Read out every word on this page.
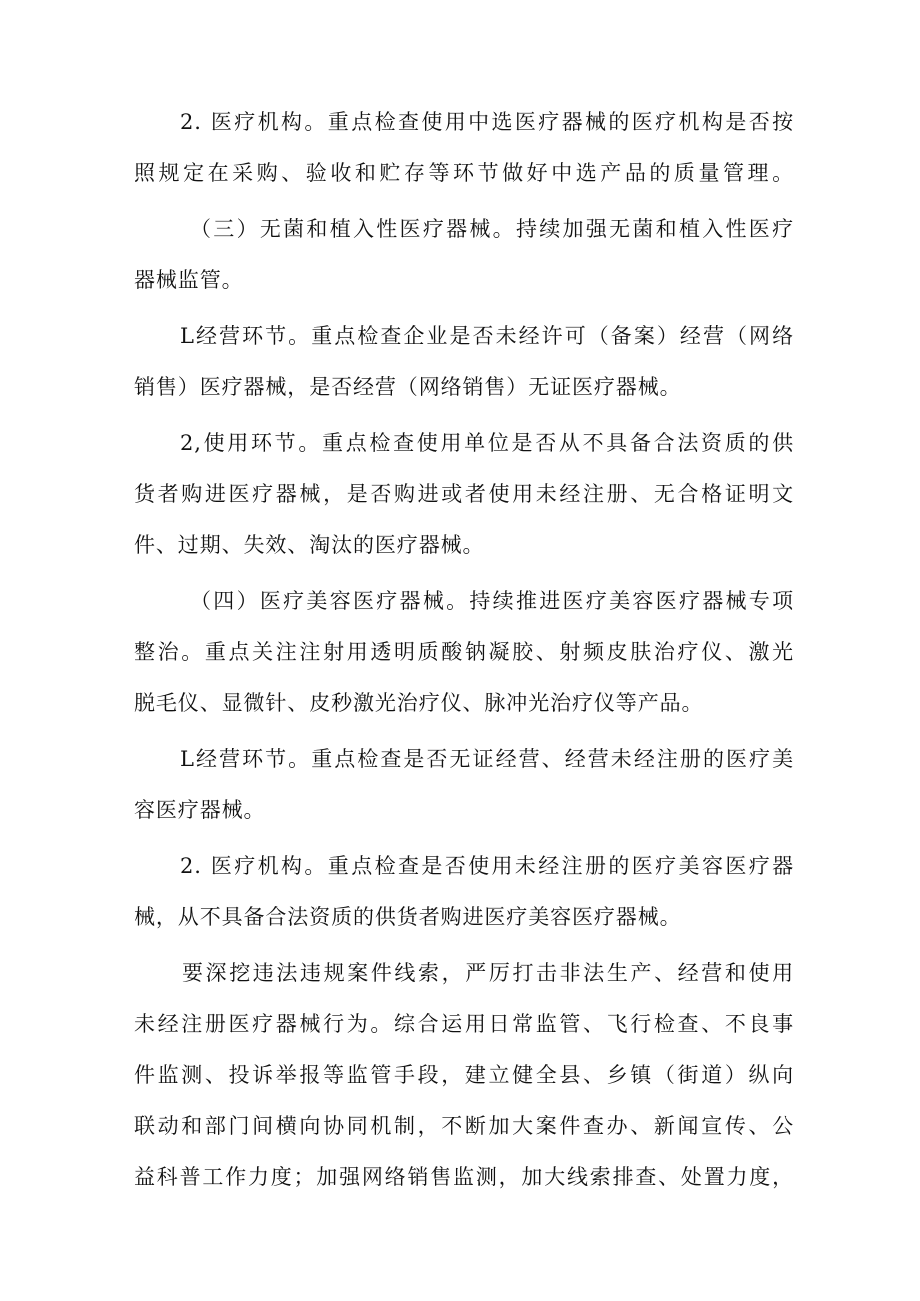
2. 医疗机构。重点检查使用中选医疗器械的医疗机构是否按
照规定在采购、验收和贮存等环节做好中选产品的质量管理。
（三）无菌和植入性医疗器械。持续加强无菌和植入性医疗
器械监管。
L经营环节。重点检查企业是否未经许可（备案）经营（网络
销售）医疗器械，是否经营（网络销售）无证医疗器械。
2,使用环节。重点检查使用单位是否从不具备合法资质的供
货者购进医疗器械，是否购进或者使用未经注册、无合格证明文
件、过期、失效、淘汰的医疗器械。
（四）医疗美容医疗器械。持续推进医疗美容医疗器械专项
整治。重点关注注射用透明质酸钠凝胶、射频皮肤治疗仪、激光
脱毛仪、显微针、皮秒激光治疗仪、脉冲光治疗仪等产品。
L经营环节。重点检查是否无证经营、经营未经注册的医疗美
容医疗器械。
2. 医疗机构。重点检查是否使用未经注册的医疗美容医疗器
械，从不具备合法资质的供货者购进医疗美容医疗器械。
要深挖违法违规案件线索，严厉打击非法生产、经营和使用
未经注册医疗器械行为。综合运用日常监管、飞行检查、不良事
件监测、投诉举报等监管手段，建立健全县、乡镇（街道）纵向
联动和部门间横向协同机制，不断加大案件查办、新闻宣传、公
益科普工作力度；加强网络销售监测，加大线索排查、处置力度，
